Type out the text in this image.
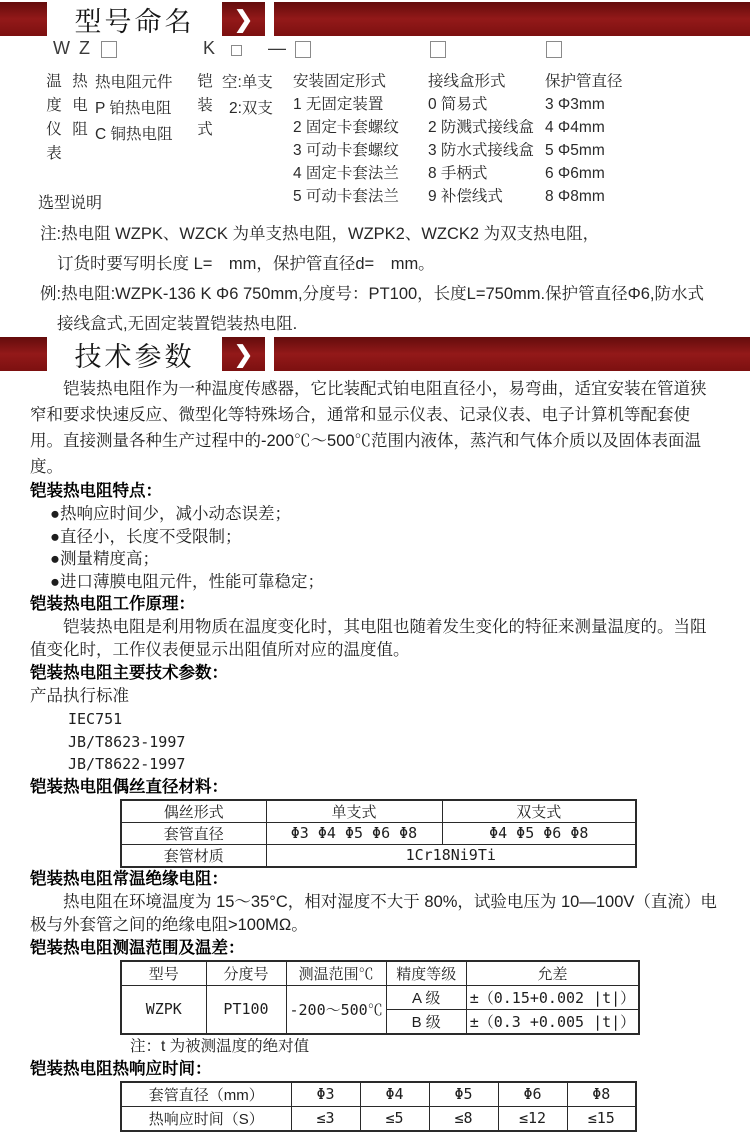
型号命名	❯
W Z	K	—
温度仪表
热电阻
热电阻元件
P 铂热电阻
C 铜热电阻
铠装式
空:单支
2:双支
安装固定形式
1 无固定装置
2 固定卡套螺纹
3 可动卡套螺纹
4 固定卡套法兰
5 可动卡套法兰
接线盒形式
0 简易式
2 防溅式接线盒
3 防水式接线盒
8 手柄式
9 补偿线式
保护管直径
3 Φ3mm
4 Φ4mm
5 Φ5mm
6 Φ6mm
8 Φ8mm
选型说明
注:热电阻 WZPK、WZCK 为单支热电阻，WZPK2、WZCK2 为双支热电阻，
订货时要写明长度 L=　mm，保护管直径d=　mm。
例:热电阻:WZPK-136 K Φ6 750mm,分度号：PT100，长度L=750mm.保护管直径Φ6,防水式
接线盒式,无固定装置铠装热电阻.
技术参数	❯

铠装热电阻作为一种温度传感器，它比装配式铂电阻直径小，易弯曲，适宜安装在管道狭窄和要求快速反应、微型化等特殊场合，通常和显示仪表、记录仪表、电子计算机等配套使用。直接测量各种生产过程中的-200℃～500℃范围内液体，蒸汽和气体介质以及固体表面温度。

铠装热电阻特点：
●热响应时间少，减小动态误差；
●直径小，长度不受限制；
●测量精度高；
●进口薄膜电阻元件，性能可靠稳定；
铠装热电阻工作原理：

铠装热电阻是利用物质在温度变化时，其电阻也随着发生变化的特征来测量温度的。当阻值变化时，工作仪表便显示出阻值所对应的温度值。

铠装热电阻主要技术参数：
产品执行标准
IEC751
JB/T8623-1997
JB/T8622-1997
铠装热电阻偶丝直径材料：
偶丝形式	单支式	双支式
套管直径	Φ3 Φ4 Φ5 Φ6 Φ8	Φ4 Φ5 Φ6 Φ8
套管材质	1Cr18Ni9Ti	
铠装热电阻常温绝缘电阻：

热电阻在环境温度为 15～35°C，相对湿度不大于 80%，试验电压为 10—100V（直流）电极与外套管之间的绝缘电阻>100MΩ。

铠装热电阻测温范围及温差：
型号	分度号	测温范围℃	精度等级	允差
WZPK	PT100	-200～500℃	A 级	±（0.15+0.002 |t|）
			B 级	±（0.3 +0.005 |t|）
注：t 为被测温度的绝对值
铠装热电阻热响应时间：
套管直径（mm）	Φ3	Φ4	Φ5	Φ6	Φ8
热响应时间（S）	≤3	≤5	≤8	≤12	≤15
